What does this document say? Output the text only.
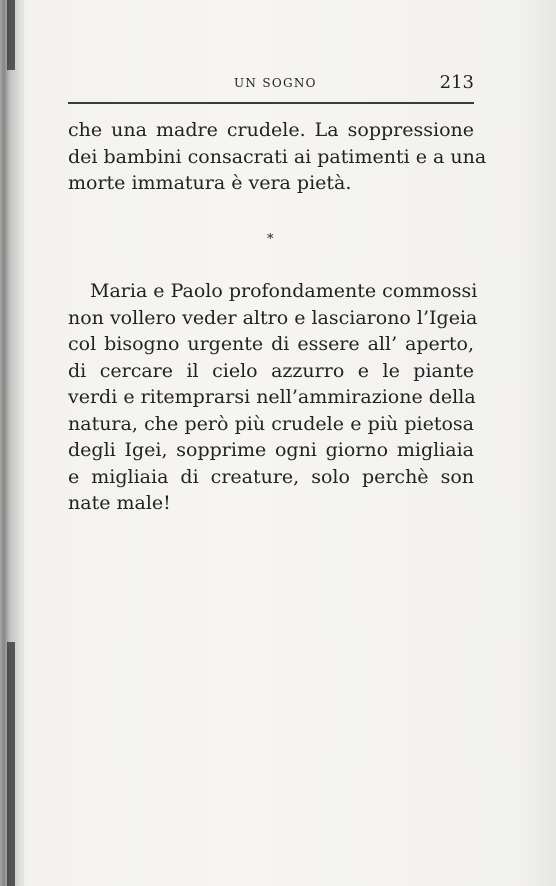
UN SOGNO	213
che una madre crudele. La soppressione
dei bambini consacrati ai patimenti e a una
morte immatura è vera pietà.
*
Maria e Paolo profondamente commossi
non vollero veder altro e lasciarono l’Igeia
col bisogno urgente di essere all’ aperto,
di cercare il cielo azzurro e le piante
verdi e ritemprarsi nell’ammirazione della
natura, che però più crudele e più pietosa
degli Igei, sopprime ogni giorno migliaia
e migliaia di creature, solo perchè son
nate male!
